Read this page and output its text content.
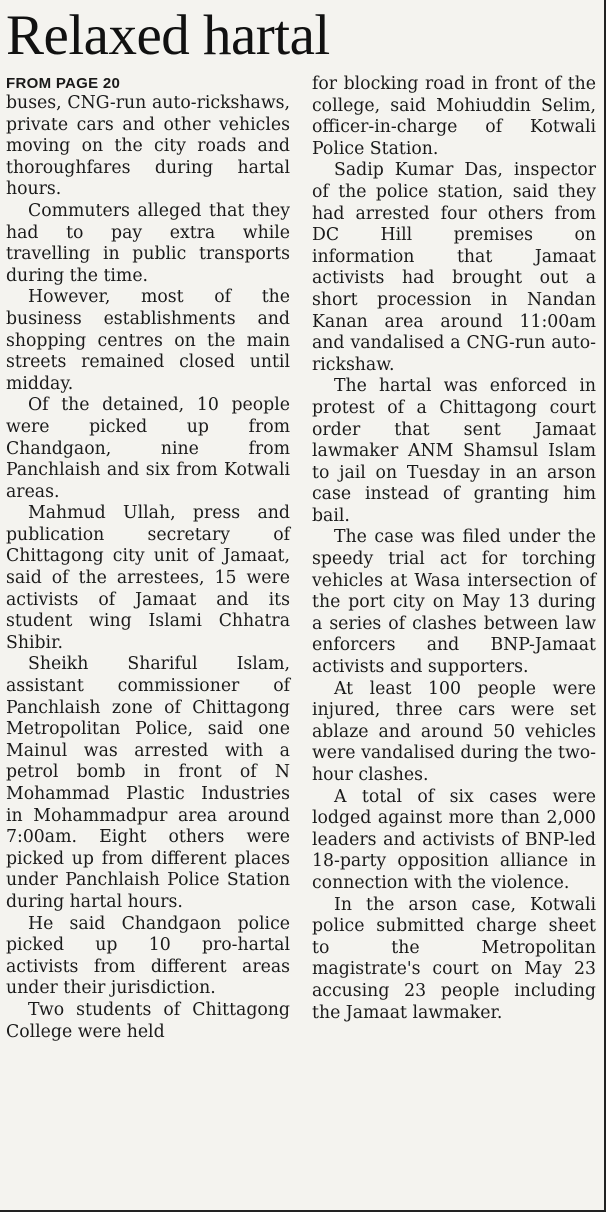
Relaxed hartal
FROM PAGE 20

buses, CNG-run auto-rickshaws, private cars and other vehicles moving on the city roads and thoroughfares during hartal hours.

Commuters alleged that they had to pay extra while travelling in public transports during the time.

However, most of the business establishments and shopping centres on the main streets remained closed until midday.

Of the detained, 10 people were picked up from Chandgaon, nine from Panchlaish and six from Kotwali areas.

Mahmud Ullah, press and publication secretary of Chittagong city unit of Jamaat, said of the arrestees, 15 were activists of Jamaat and its student wing Islami Chhatra Shibir.

Sheikh Shariful Islam, assistant commissioner of Panchlaish zone of Chittagong Metropolitan Police, said one Mainul was arrested with a petrol bomb in front of N Mohammad Plastic Industries in Mohammadpur area around 7:00am. Eight others were picked up from different places under Panchlaish Police Station during hartal hours.

He said Chandgaon police picked up 10 pro-hartal activists from different areas under their jurisdiction.

Two students of Chittagong College were held

for blocking road in front of the college, said Mohiuddin Selim, officer-in-charge of Kotwali Police Station.

Sadip Kumar Das, inspector of the police station, said they had arrested four others from DC Hill premises on information that Jamaat activists had brought out a short procession in Nandan Kanan area around 11:00am and vandalised a CNG-run auto-rickshaw.

The hartal was enforced in protest of a Chittagong court order that sent Jamaat lawmaker ANM Shamsul Islam to jail on Tuesday in an arson case instead of granting him bail.

The case was filed under the speedy trial act for torching vehicles at Wasa intersection of the port city on May 13 during a series of clashes between law enforcers and BNP-Jamaat activists and supporters.

At least 100 people were injured, three cars were set ablaze and around 50 vehicles were vandalised during the two-hour clashes.

A total of six cases were lodged against more than 2,000 leaders and activists of BNP-led 18-party opposition alliance in connection with the violence.

In the arson case, Kotwali police submitted charge sheet to the Metropolitan magistrate's court on May 23 accusing 23 people including the Jamaat lawmaker.
